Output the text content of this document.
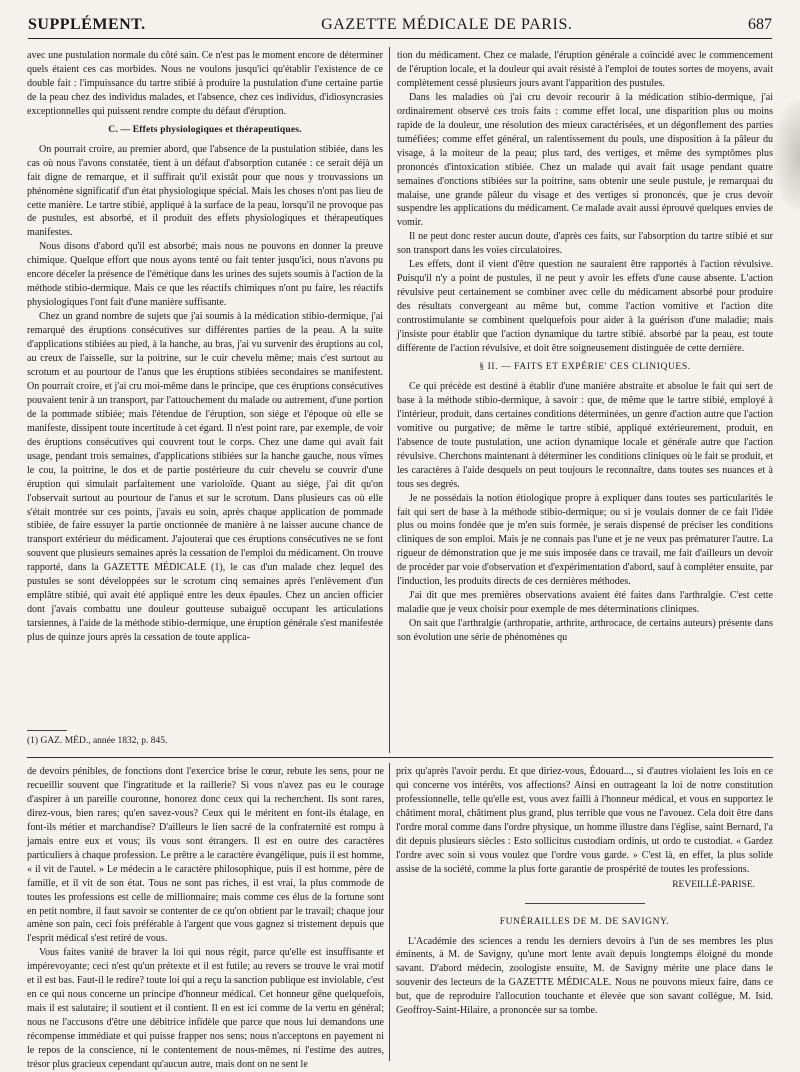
SUPPLÉMENT.	GAZETTE MÉDICALE DE PARIS.	687

avec une pustulation normale du côté sain. Ce n'est pas le moment encore de déterminer quels étaient ces cas morbides. Nous ne voulons jusqu'ici qu'établir l'existence de ce double fait : l'impuissance du tartre stibié à produire la pustulation d'une certaine partie de la peau chez des individus malades, et l'absence, chez ces individus, d'idiosyncrasies exceptionnelles qui puissent rendre compte du défaut d'éruption.

C. — Effets physiologiques et thérapeutiques.

On pourrait croire, au premier abord, que l'absence de la pustulation stibiée, dans les cas où nous l'avons constatée, tient à un défaut d'absorption cutanée : ce serait déjà un fait digne de remarque, et il suffirait qu'il existât pour que nous y trouvassions un phénomène significatif d'un état physiologique spécial. Mais les choses n'ont pas lieu de cette manière. Le tartre stibié, appliqué à la surface de la peau, lorsqu'il ne provoque pas de pustules, est absorbé, et il produit des effets physiologiques et thérapeutiques manifestes.

Nous disons d'abord qu'il est absorbé; mais nous ne pouvons en donner la preuve chimique. Quelque effort que nous ayons tenté ou fait tenter jusqu'ici, nous n'avons pu encore déceler la présence de l'émétique dans les urines des sujets soumis à l'action de la méthode stibio-dermique. Mais ce que les réactifs chimiques n'ont pu faire, les réactifs physiologiques l'ont fait d'une manière suffisante.

Chez un grand nombre de sujets que j'ai soumis à la médication stibio-dermique, j'ai remarqué des éruptions consécutives sur différentes parties de la peau. A la suite d'applications stibiées au pied, à la hanche, au bras, j'ai vu survenir des éruptions au col, au creux de l'aisselle, sur la poitrine, sur le cuir chevelu même; mais c'est surtout au scrotum et au pourtour de l'anus que les éruptions stibiées secondaires se manifestent. On pourrait croire, et j'ai cru moi-même dans le principe, que ces éruptions consécutives pouvaient tenir à un transport, par l'attouchement du malade ou autrement, d'une portion de la pommade stibiée; mais l'étendue de l'éruption, son siége et l'époque où elle se manifeste, dissipent toute incertitude à cet égard. Il n'est point rare, par exemple, de voir des éruptions consécutives qui couvrent tout le corps. Chez une dame qui avait fait usage, pendant trois semaines, d'applications stibiées sur la hanche gauche, nous vîmes le cou, la poitrine, le dos et de partie postérieure du cuir chevelu se couvrir d'une éruption qui simulait parfaitement une varioloïde. Quant au siége, j'ai dit qu'on l'observait surtout au pourtour de l'anus et sur le scrotum. Dans plusieurs cas où elle s'était montrée sur ces points, j'avais eu soin, après chaque application de pommade stibiée, de faire essuyer la partie onctionnée de manière à ne laisser aucune chance de transport extérieur du médicament. J'ajouterai que ces éruptions consécutives ne se font souvent que plusieurs semaines après la cessation de l'emploi du médicament. On trouve rapporté, dans la GAZETTE MÉDICALE (1), le cas d'un malade chez lequel des pustules se sont développées sur le scrotum cinq semaines après l'enlèvement d'un emplâtre stibié, qui avait été appliqué entre les deux épaules. Chez un ancien officier dont j'avais combattu une douleur goutteuse subaiguë occupant les articulations tarsiennes, à l'aide de la méthode stibio-dermique, une éruption générale s'est manifestée plus de quinze jours après la cessation de toute applica-

(1) GAZ. MÉD., année 1832, p. 845.

tion du médicament. Chez ce malade, l'éruption générale a coïncidé avec le commencement de l'éruption locale, et la douleur qui avait résisté à l'emploi de toutes sortes de moyens, avait complètement cessé plusieurs jours avant l'apparition des pustules.

Dans les maladies où j'ai cru devoir recourir à la médication stibio-dermique, j'ai ordinairement observé ces trois faits : comme effet local, une disparition plus ou moins rapide de la douleur, une résolution des mieux caractérisées, et un dégonflement des parties tuméfiées; comme effet général, un ralentissement du pouls, une disposition à la pâleur du visage, à la moiteur de la peau; plus tard, des vertiges, et même des symptômes plus prononcés d'intoxication stibiée. Chez un malade qui avait fait usage pendant quatre semaines d'onctions stibiées sur la poitrine, sans obtenir une seule pustule, je remarquai du malaise, une grande pâleur du visage et des vertiges si prononcés, que je crus devoir suspendre les applications du médicament. Ce malade avait aussi éprouvé quelques envies de vomir.

Il ne peut donc rester aucun doute, d'après ces faits, sur l'absorption du tartre stibié et sur son transport dans les voies circulatoires.

Les effets, dont il vient d'être question ne sauraient être rapportés à l'action révulsive. Puisqu'il n'y a point de pustules, il ne peut y avoir les effets d'une cause absente. L'action révulsive peut certainement se combiner avec celle du médicament absorbé pour produire des résultats convergeant au même but, comme l'action vomitive et l'action dite controstimulante se combinent quelquefois pour aider à la guérison d'une maladie; mais j'insiste pour établir que l'action dynamique du tartre stibié. absorbé par la peau, est toute différente de l'action révulsive, et doit être soigneusement distinguée de cette dernière.

§ II. — FAITS ET EXPÉRIE' CES CLINIQUES.

Ce qui précède est destiné à établir d'une manière abstraite et absolue le fait qui sert de base à la méthode stibio-dermique, à savoir : que, de même que le tartre stibié, employé à l'intérieur, produit, dans certaines conditions déterminées, un genre d'action autre que l'action vomitive ou purgative; de même le tartre stibié, appliqué extérieurement, produit, en l'absence de toute pustulation, une action dynamique locale et générale autre que l'action révulsive. Cherchons maintenant à déterminer les conditions cliniques où le fait se produit, et les caractères à l'aide desquels on peut toujours le reconnaître, dans toutes ses nuances et à tous ses degrés.

Je ne possédais la notion étiologique propre à expliquer dans toutes ses particularités le fait qui sert de base à la méthode stibio-dermique; ou si je voulais donner de ce fait l'idée plus ou moins fondée que je m'en suis formée, je serais dispensé de préciser les conditions cliniques de son emploi. Mais je ne connais pas l'une et je ne veux pas prématurer l'autre. La rigueur de démonstration que je me suis imposée dans ce travail, me fait d'ailleurs un devoir de procéder par voie d'observation et d'expérimentation d'abord, sauf à compléter ensuite, par l'induction, les produits directs de ces dernières méthodes.

J'ai dit que mes premières observations avaient été faites dans l'arthralgie. C'est cette maladie que je veux choisir pour exemple de mes déterminations cliniques.

On sait que l'arthralgie (arthropatie, arthrite, arthrocace, de certains auteurs) présente dans son évolution une série de phénomènes qu

de devoirs pénibles, de fonctions dont l'exercice brise le cœur, rebute les sens, pour ne recueillir souvent que l'ingratitude et la raillerie? Si vous n'avez pas eu le courage d'aspirer à un pareille couronne, honorez donc ceux qui la recherchent. Ils sont rares, direz-vous, bien rares; qu'en savez-vous? Ceux qui le méritent en font-ils étalage, en font-ils métier et marchandise? D'ailleurs le lien sacré de la confraternité est rompu à jamais entre eux et vous; ils vous sont étrangers. Il est en outre des caractères particuliers à chaque profession. Le prêtre a le caractère évangélique, puis il est homme, « il vit de l'autel. » Le médecin a le caractère philosophique, puis il est homme, père de famille, et il vit de son état. Tous ne sont pas riches, il est vrai, la plus commode de toutes les professions est celle de millionnaire; mais comme ces élus de la fortune sont en petit nombre, il faut savoir se contenter de ce qu'on obtient par le travail; chaque jour amène son pain, ceci fois préférable à l'argent que vous gagnez si tristement depuis que l'esprit médical s'est retiré de vous.

Vous faites vanité de braver la loi qui nous régit, parce qu'elle est insuffisante et impérevoyante; ceci n'est qu'un prétexte et il est futile; au revers se trouve le vrai motif et il est bas. Faut-il le redire? toute loi qui a reçu la sanction publique est inviolable, c'est en ce qui nous concerne un principe d'honneur médical. Cet honneur gêne quelquefois, mais il est salutaire; il soutient et il contient. Il en est ici comme de la vertu en général; nous ne l'accusons d'être une débitrice infidèle que parce que nous lui demandons une récompense immédiate et qui puisse frapper nos sens; nous n'acceptons en payement ni le repos de la conscience, ni le contentement de nous-mêmes, ni l'estime des autres, trésor plus gracieux cependant qu'aucun autre, mais dont on ne sent le

prix qu'après l'avoir perdu. Et que diriez-vous, Édouard..., si d'autres violaient les lois en ce qui concerne vos intérêts, vos affections? Ainsi en outrageant la loi de notre constitution professionnelle, telle qu'elle est, vous avez failli à l'honneur médical, et vous en supportez le châtiment moral, châtiment plus grand, plus terrible que vous ne l'avouez. Cela doit être dans l'ordre moral comme dans l'ordre physique, un homme illustre dans l'église, saint Bernard, l'a dit depuis plusieurs siècles : Esto sollicitus custodiam ordinis, ut ordo te custodiat. « Gardez l'ordre avec soin si vous voulez que l'ordre vous garde. » C'est là, en effet, la plus solide assise de la société, comme la plus forte garantie de prospérité de toutes les professions.

REVEILLÉ-PARISE.
FUNÉRAILLES DE M. DE SAVIGNY.

L'Académie des sciences a rendu les derniers devoirs à l'un de ses membres les plus éminents, à M. de Savigny, qu'une mort lente avait depuis longtemps éloigné du monde savant. D'abord médecin, zoologiste ensuite, M. de Savigny mérite une place dans le souvenir des lecteurs de la GAZETTE MÉDICALE. Nous ne pouvons mieux faire, dans ce but, que de reproduire l'allocution touchante et élevée que son savant collègue, M. Isid. Geoffroy-Saint-Hilaire, a prononcée sur sa tombe.
